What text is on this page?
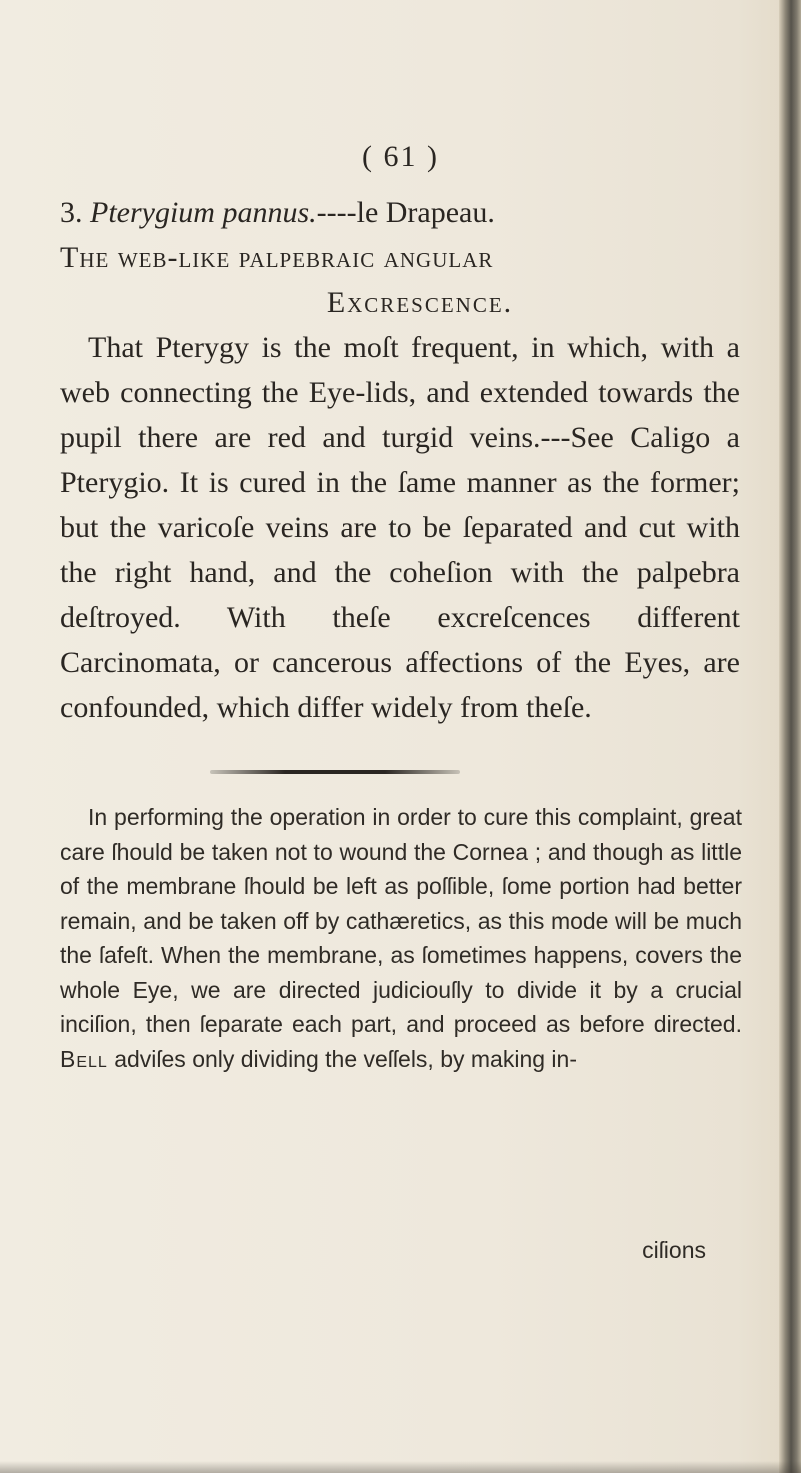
( 61 )

3. Pterygium pannus.----le Drapeau.

The web-like palpebraic angular

Excrescence.

That Pterygy is the moſt frequent, in which, with a web connecting the Eye-lids, and extended towards the pupil there are red and turgid veins.---See Caligo a Pterygio. It is cured in the ſame manner as the former; but the varicoſe veins are to be ſeparated and cut with the right hand, and the coheſion with the palpebra deſtroyed. With theſe excreſcences different Carcinomata, or cancerous affections of the Eyes, are confounded, which differ widely from theſe.

In performing the operation in order to cure this complaint, great care ſhould be taken not to wound the Cornea ; and though as little of the membrane ſhould be left as poſſible, ſome portion had better remain, and be taken off by cathæretics, as this mode will be much the ſafeſt. When the membrane, as ſometimes happens, covers the whole Eye, we are directed judiciouſly to divide it by a crucial inciſion, then ſeparate each part, and proceed as before directed. Bell adviſes only dividing the veſſels, by making in-

ciſions
